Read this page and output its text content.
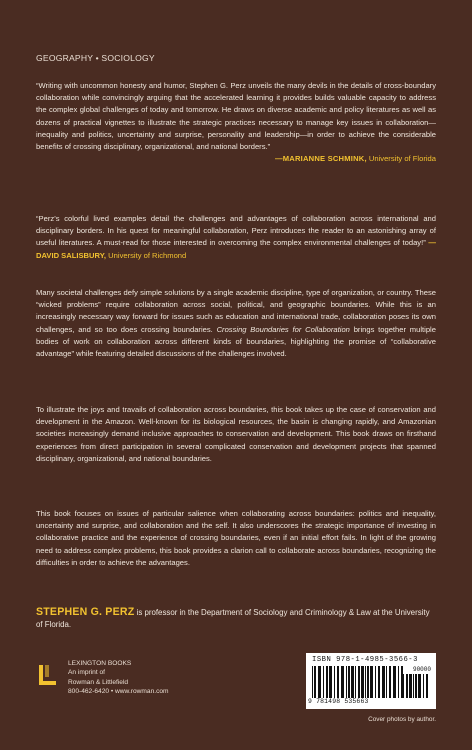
GEOGRAPHY • SOCIOLOGY

“Writing with uncommon honesty and humor, Stephen G. Perz unveils the many devils in the details of cross-boundary collaboration while convincingly arguing that the accelerated learning it provides builds valuable capacity to address the complex global challenges of today and tomorrow. He draws on diverse academic and policy literatures as well as dozens of practical vignettes to illustrate the strategic practices necessary to manage key issues in collaboration—inequality and politics, uncertainty and surprise, personality and leadership—in order to achieve the considerable benefits of crossing disciplinary, organizational, and national borders.”

—MARIANNE SCHMINK, University of Florida

“Perz’s colorful lived examples detail the challenges and advantages of collaboration across international and disciplinary borders. In his quest for meaningful collaboration, Perz introduces the reader to an astonishing array of useful literatures. A must-read for those interested in overcoming the complex environmental challenges of today!” —DAVID SALISBURY, University of Richmond

Many societal challenges defy simple solutions by a single academic discipline, type of organization, or country. These “wicked problems” require collaboration across social, political, and geographic boundaries. While this is an increasingly necessary way forward for issues such as education and international trade, collaboration poses its own challenges, and so too does crossing boundaries. Crossing Boundaries for Collaboration brings together multiple bodies of work on collaboration across different kinds of boundaries, highlighting the promise of “collaborative advantage” while featuring detailed discussions of the challenges involved.

To illustrate the joys and travails of collaboration across boundaries, this book takes up the case of conservation and development in the Amazon. Well-known for its biological resources, the basin is changing rapidly, and Amazonian societies increasingly demand inclusive approaches to conservation and development. This book draws on firsthand experiences from direct participation in several complicated conservation and development projects that spanned disciplinary, organizational, and national boundaries.

This book focuses on issues of particular salience when collaborating across boundaries: politics and inequality, uncertainty and surprise, and collaboration and the self. It also underscores the strategic importance of investing in collaborative practice and the experience of crossing boundaries, even if an initial effort fails. In light of the growing need to address complex problems, this book provides a clarion call to collaborate across boundaries, recognizing the difficulties in order to achieve the advantages.

STEPHEN G. PERZ is professor in the Department of Sociology and Criminology & Law at the University of Florida.
LEXINGTON BOOKS
An imprint of
Rowman & Littlefield
800-462-6420 • www.rowman.com
ISBN 978-1-4985-3566-3
90000
9 781498 535663
Cover photos by author.
